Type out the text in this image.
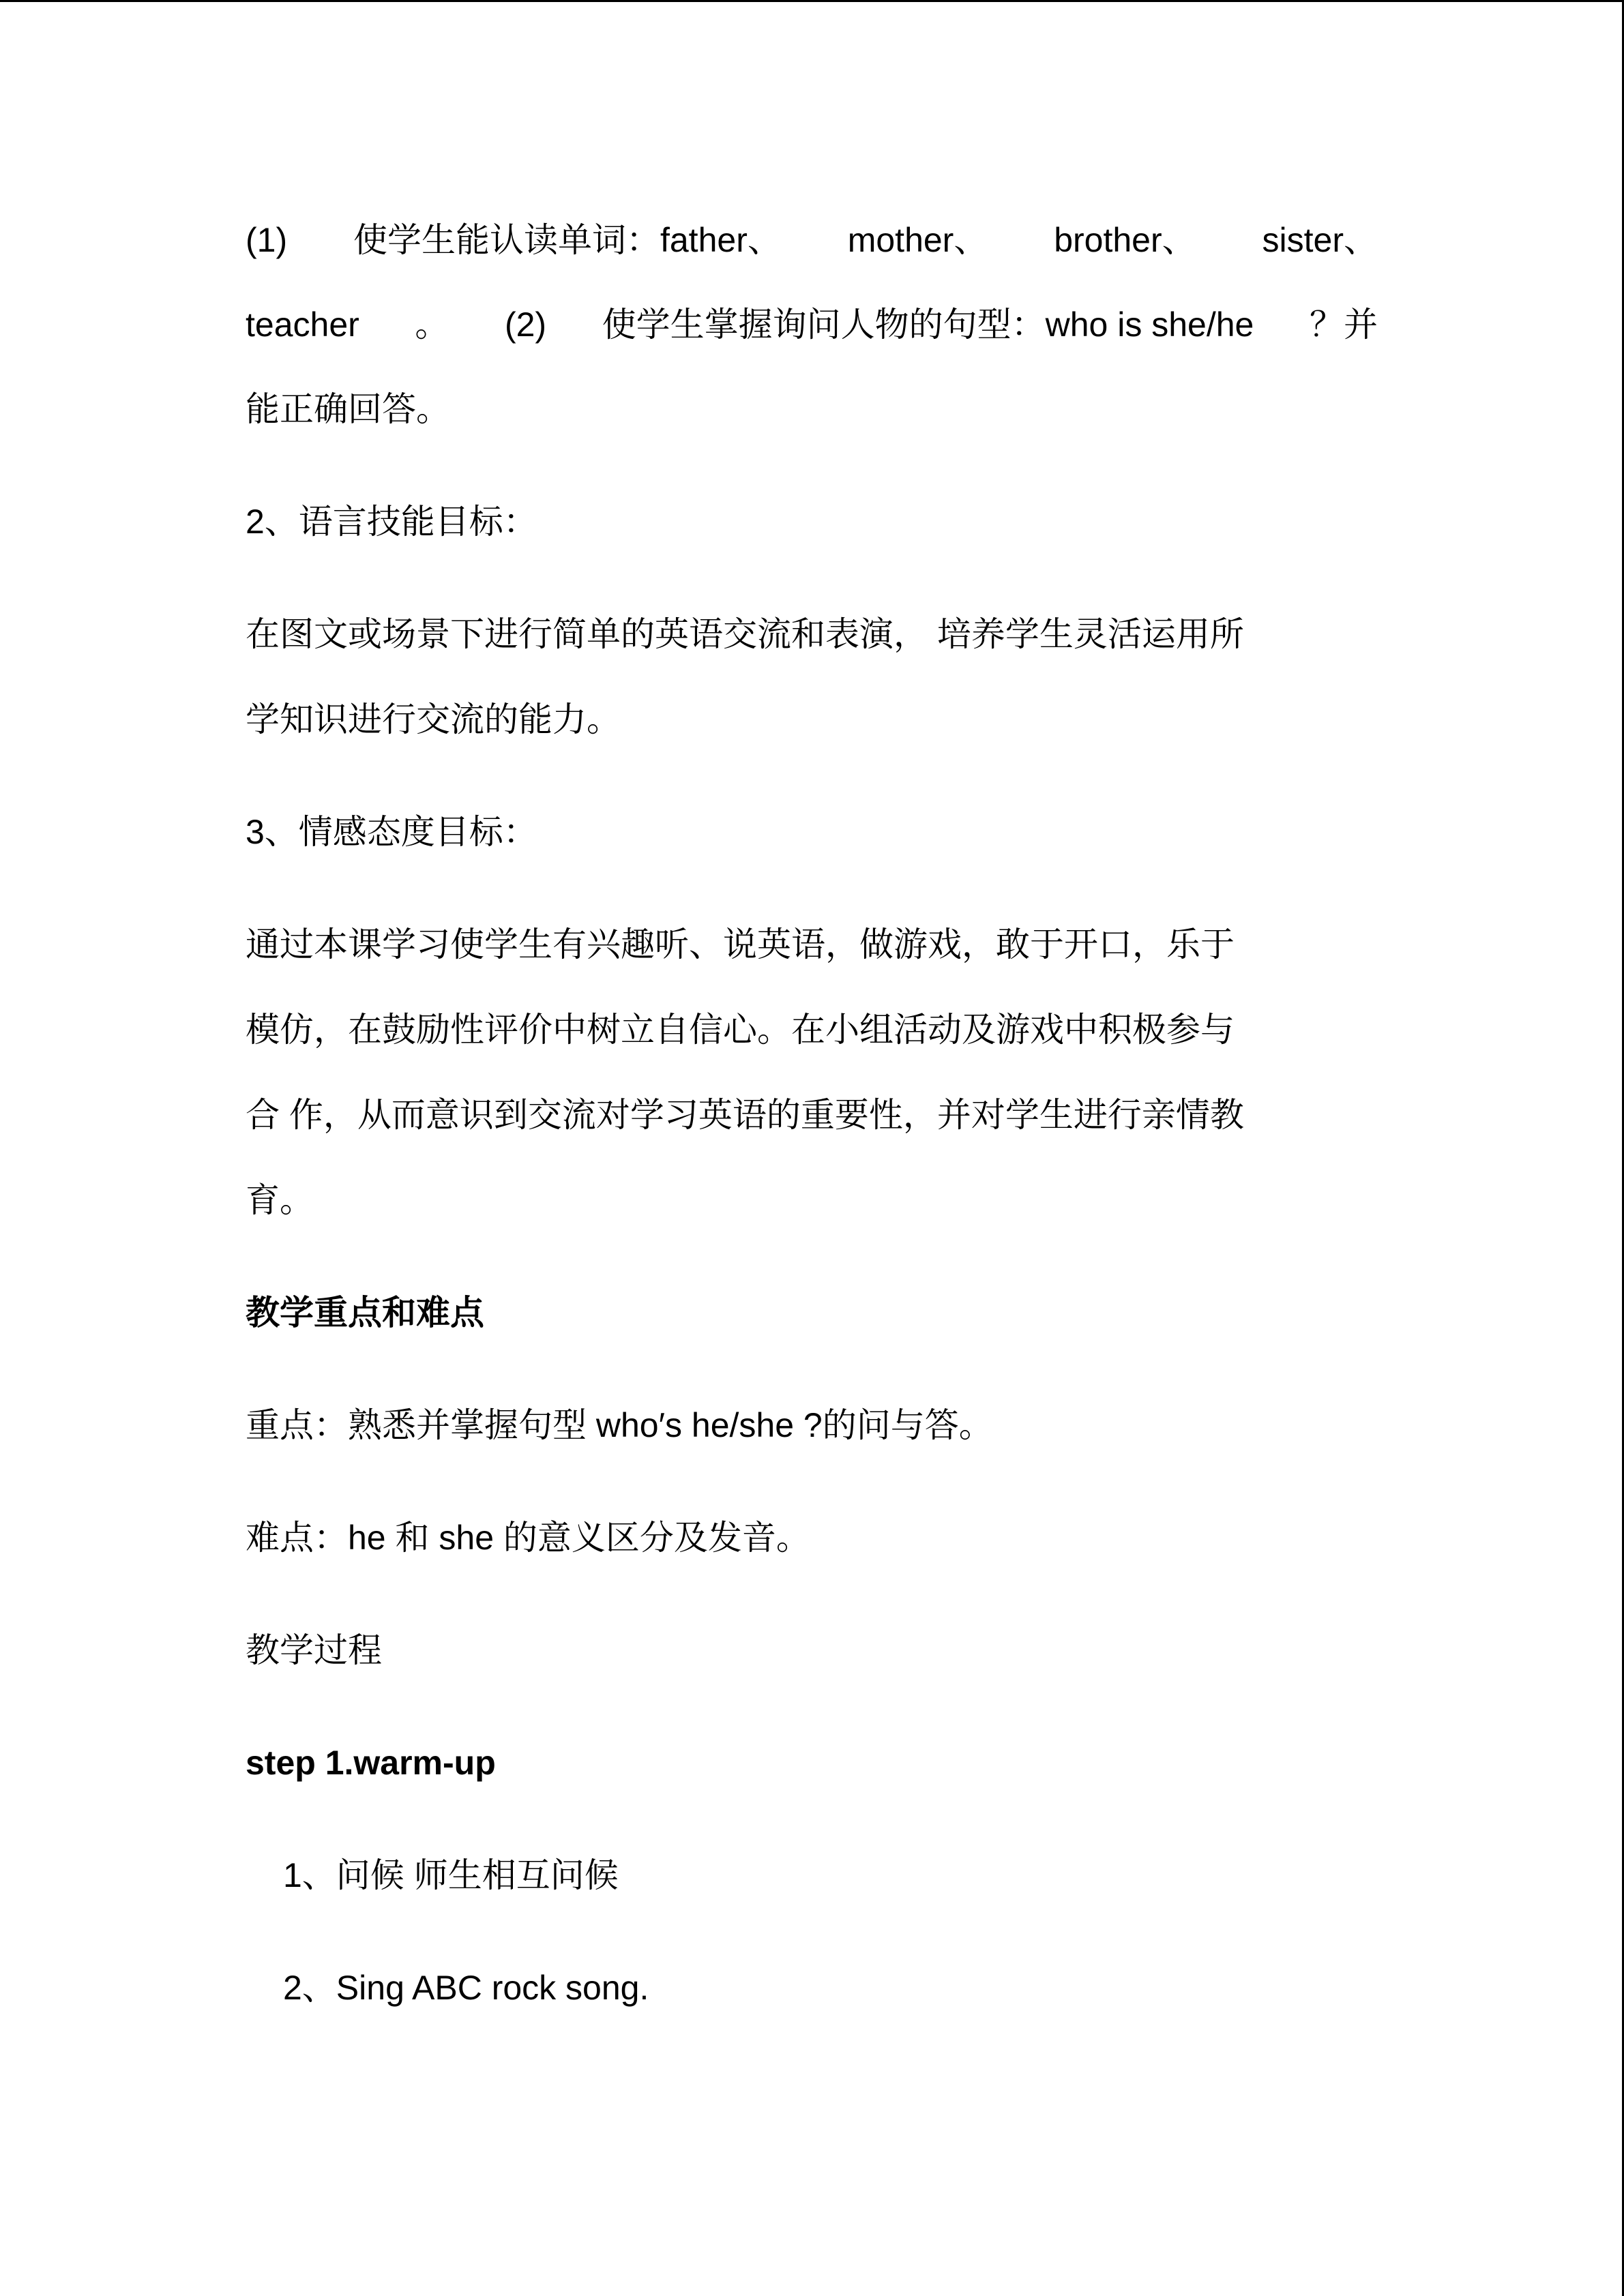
(1) 使学生能认读单词：father、 mother、 brother、 sister、
teacher 。 (2) 使学生掌握询问人物的句型：who is she/he ？并
能正确回答。
2、语言技能目标：
在图文或场景下进行简单的英语交流和表演， 培养学生灵活运用所
学知识进行交流的能力。
3、情感态度目标：
通过本课学习使学生有兴趣听、说英语，做游戏，敢于开口，乐于
模仿，在鼓励性评价中树立自信心。在小组活动及游戏中积极参与
合 作，从而意识到交流对学习英语的重要性，并对学生进行亲情教
育。
教学重点和难点
重点：熟悉并掌握句型 who′s he/she ?的问与答。
难点：he 和 she 的意义区分及发音。
教学过程
step 1.warm-up
1、问候 师生相互问候
2、Sing ABC rock song.
